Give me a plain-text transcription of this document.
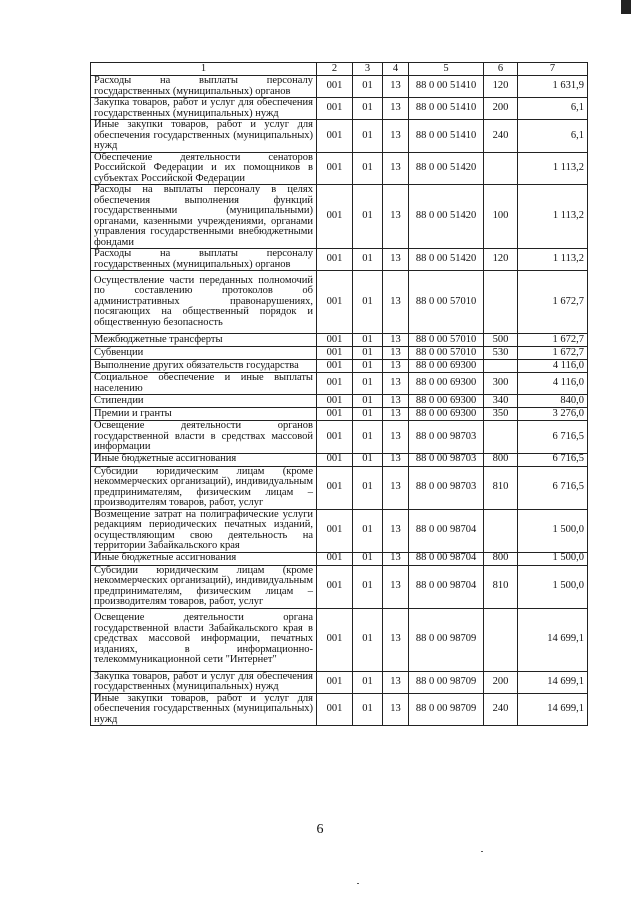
1	2	3	4	5	6	7
Расходы на выплаты персоналу государственных (муниципальных) органов	001	01	13	88 0 00 51410	120	1 631,9
Закупка товаров, работ и услуг для обеспечения государственных (муниципальных) нужд	001	01	13	88 0 00 51410	200	6,1
Иные закупки товаров, работ и услуг для обеспечения государственных (муниципальных) нужд	001	01	13	88 0 00 51410	240	6,1
Обеспечение деятельности сенаторов Российской Федерации и их помощников в субъектах Российской Федерации	001	01	13	88 0 00 51420		1 113,2
Расходы на выплаты персоналу в целях обеспечения выполнения функций государственными (муниципальными) органами, казенными учреждениями, органами управления государственными внебюджетными фондами	001	01	13	88 0 00 51420	100	1 113,2
Расходы на выплаты персоналу государственных (муниципальных) органов	001	01	13	88 0 00 51420	120	1 113,2
Осуществление части переданных полномочий по составлению протоколов об административных правонарушениях, посягающих на общественный порядок и общественную безопасность	001	01	13	88 0 00 57010		1 672,7
Межбюджетные трансферты	001	01	13	88 0 00 57010	500	1 672,7
Субвенции	001	01	13	88 0 00 57010	530	1 672,7
Выполнение других обязательств государства	001	01	13	88 0 00 69300		4 116,0
Социальное обеспечение и иные выплаты населению	001	01	13	88 0 00 69300	300	4 116,0
Стипендии	001	01	13	88 0 00 69300	340	840,0
Премии и гранты	001	01	13	88 0 00 69300	350	3 276,0
Освещение деятельности органов государственной власти в средствах массовой информации	001	01	13	88 0 00 98703		6 716,5
Иные бюджетные ассигнования	001	01	13	88 0 00 98703	800	6 716,5
Субсидии юридическим лицам (кроме некоммерческих организаций), индивидуальным предпринимателям, физическим лицам – производителям товаров, работ, услуг	001	01	13	88 0 00 98703	810	6 716,5
Возмещение затрат на полиграфические услуги редакциям периодических печатных изданий, осуществляющим свою деятельность на территории Забайкальского края	001	01	13	88 0 00 98704		1 500,0
Иные бюджетные ассигнования	001	01	13	88 0 00 98704	800	1 500,0
Субсидии юридическим лицам (кроме некоммерческих организаций), индивидуальным предпринимателям, физическим лицам – производителям товаров, работ, услуг	001	01	13	88 0 00 98704	810	1 500,0
Освещение деятельности органа государственной власти Забайкальского края в средствах массовой информации, печатных изданиях, в информационно-телекоммуникационной сети "Интернет"	001	01	13	88 0 00 98709		14 699,1
Закупка товаров, работ и услуг для обеспечения государственных (муниципальных) нужд	001	01	13	88 0 00 98709	200	14 699,1
Иные закупки товаров, работ и услуг для обеспечения государственных (муниципальных) нужд	001	01	13	88 0 00 98709	240	14 699,1
6
